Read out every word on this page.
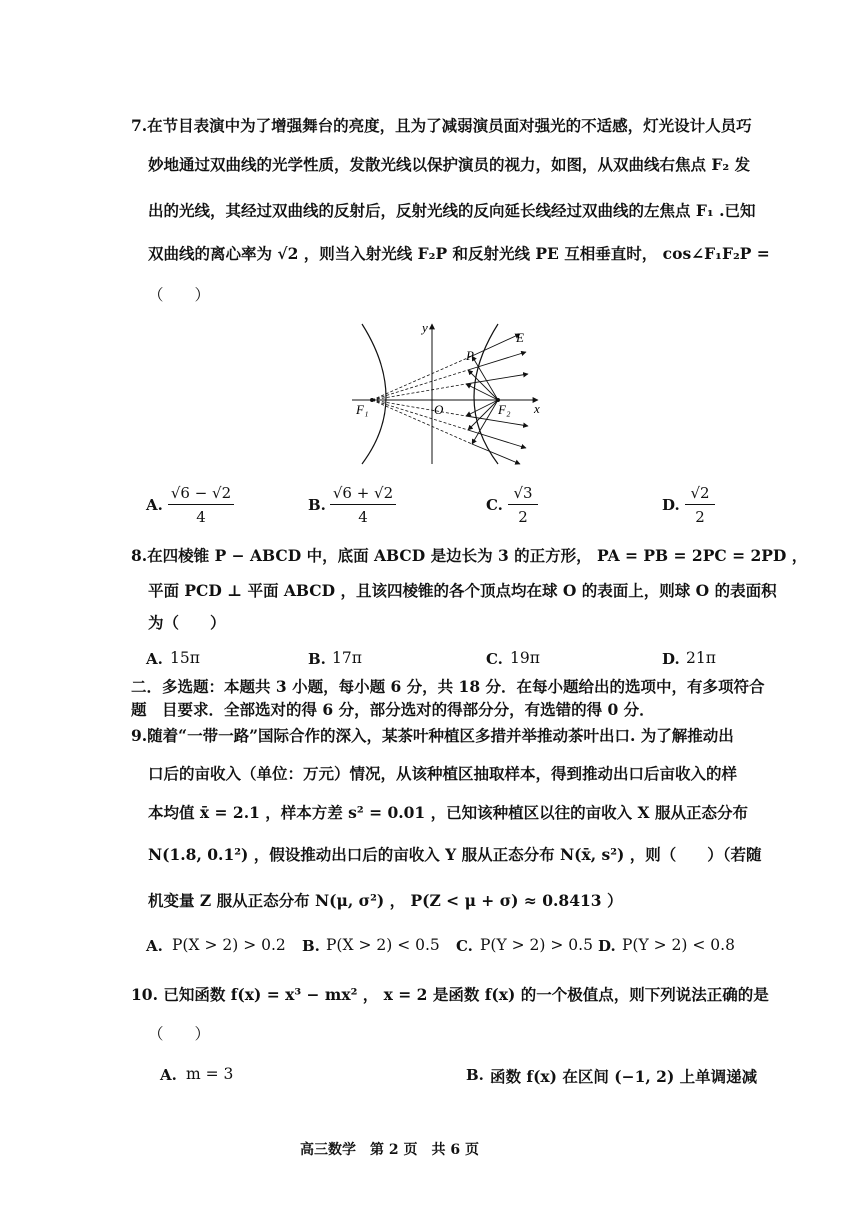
7.在节目表演中为了增强舞台的亮度，且为了减弱演员面对强光的不适感，灯光设计人员巧
妙地通过双曲线的光学性质，发散光线以保护演员的视力，如图，从双曲线右焦点 F₂ 发
出的光线，其经过双曲线的反射后，反射光线的反向延长线经过双曲线的左焦点 F₁ .已知
双曲线的离心率为 √2 ，则当入射光线 F₂P 和反射光线 PE 互相垂直时， cos∠F₁F₂P =
（　　）
y
x
E
P
F₁	O	F₂
A.
√6 − √2
4
B.
√6 + √2
4
C.
√3
2
D.
√2
2
8.在四棱锥 P − ABCD 中，底面 ABCD 是边长为 3 的正方形， PA = PB = 2PC = 2PD ，
平面 PCD ⊥ 平面 ABCD ，且该四棱锥的各个顶点均在球 O 的表面上，则球 O 的表面积
为（　　）
A. 15π	B. 17π	C. 19π	D. 21π
二．多选题：本题共 3 小题，每小题 6 分，共 18 分．在每小题给出的选项中，有多项符合
题　目要求．全部选对的得 6 分，部分选对的得部分分，有选错的得 0 分．
9.随着“一带一路”国际合作的深入，某茶叶种植区多措并举推动茶叶出口. 为了解推动出
口后的亩收入（单位：万元）情况，从该种植区抽取样本，得到推动出口后亩收入的样
本均值 x̄ = 2.1 ，样本方差 s² = 0.01 ，已知该种植区以往的亩收入 X 服从正态分布
N(1.8, 0.1²) ，假设推动出口后的亩收入 Y 服从正态分布 N(x̄, s²) ，则（　　）（若随
机变量 Z 服从正态分布 N(μ, σ²) ， P(Z < μ + σ) ≈ 0.8413 ）
A. P(X > 2) > 0.2 B. P(X > 2) < 0.5 C. P(Y > 2) > 0.5 D. P(Y > 2) < 0.8
10. 已知函数 f(x) = x³ − mx² ， x = 2 是函数 f(x) 的一个极值点，则下列说法正确的是
（　　）
A. m = 3	B. 函数 f(x) 在区间 (−1, 2) 上单调递减
高三数学　第 2 页　共 6 页
